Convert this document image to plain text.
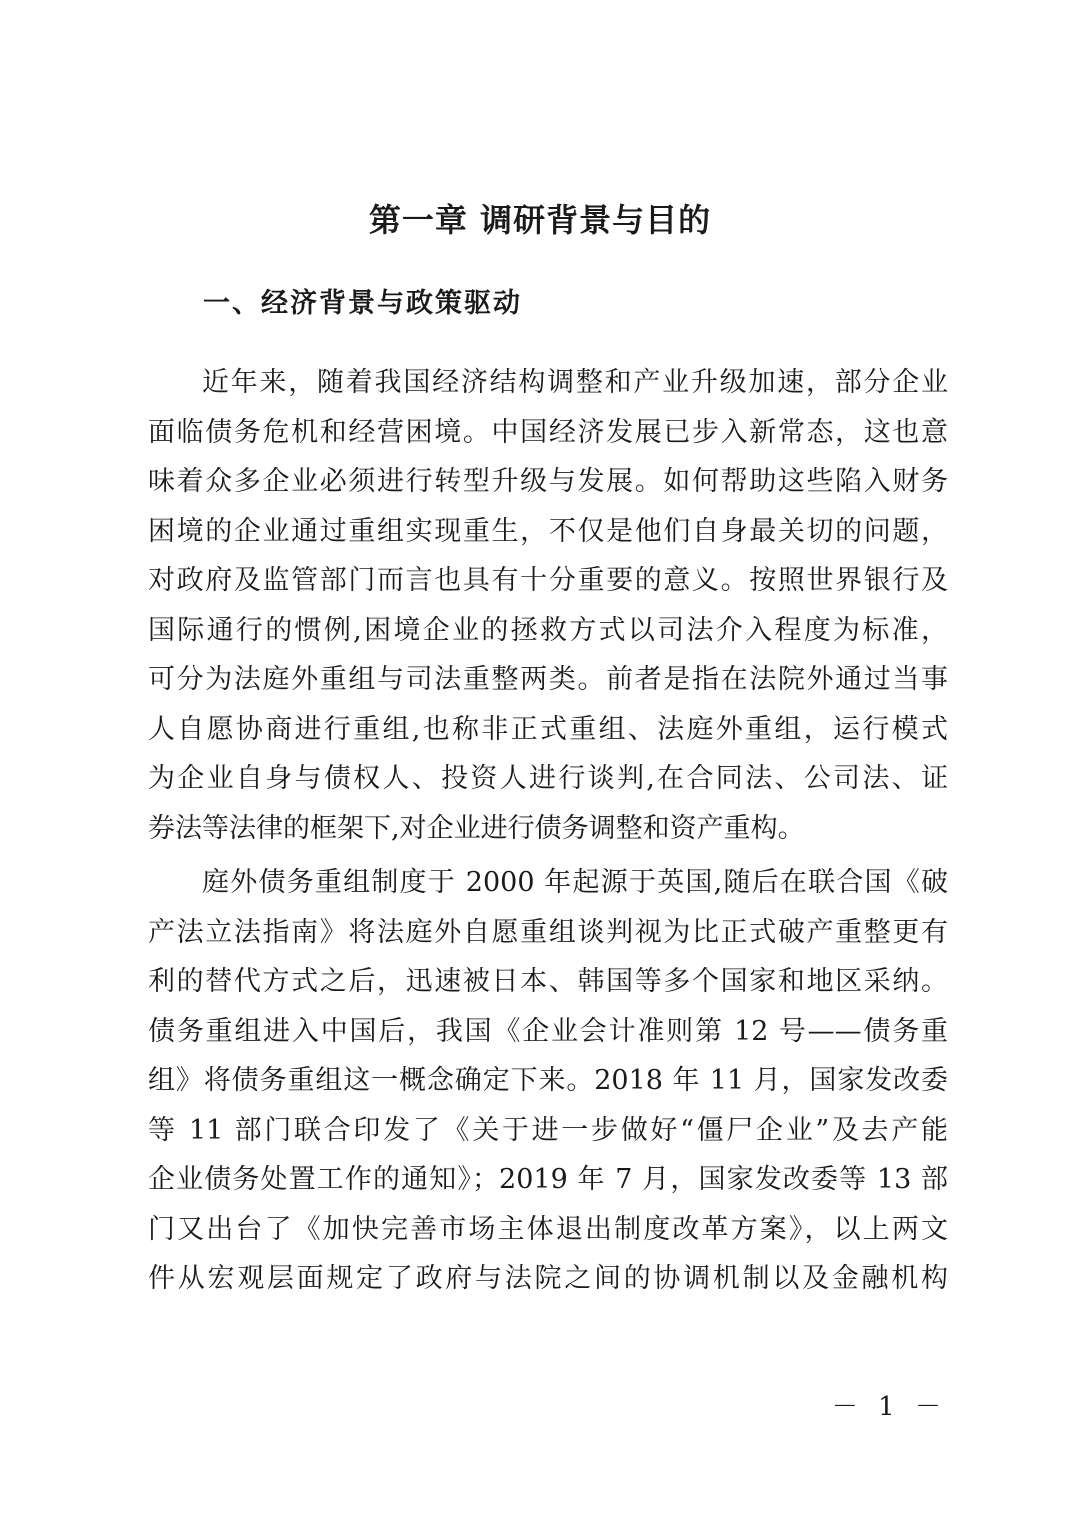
第一章 调研背景与目的
一、经济背景与政策驱动
近年来，随着我国经济结构调整和产业升级加速，部分企业
面临债务危机和经营困境。中国经济发展已步入新常态，这也意
味着众多企业必须进行转型升级与发展。如何帮助这些陷入财务
困境的企业通过重组实现重生，不仅是他们自身最关切的问题，
对政府及监管部门而言也具有十分重要的意义。按照世界银行及
国际通行的惯例,困境企业的拯救方式以司法介入程度为标准，
可分为法庭外重组与司法重整两类。前者是指在法院外通过当事
人自愿协商进行重组,也称非正式重组、法庭外重组，运行模式
为企业自身与债权人、投资人进行谈判,在合同法、公司法、证
券法等法律的框架下,对企业进行债务调整和资产重构。
庭外债务重组制度于 2000 年起源于英国,随后在联合国《破
产法立法指南》将法庭外自愿重组谈判视为比正式破产重整更有
利的替代方式之后，迅速被日本、韩国等多个国家和地区采纳。
债务重组进入中国后，我国《企业会计准则第 12 号——债务重
组》将债务重组这一概念确定下来。2018 年 11 月，国家发改委
等 11 部门联合印发了《关于进一步做好“僵尸企业”及去产能
企业债务处置工作的通知》；2019 年 7 月，国家发改委等 13 部
门又出台了《加快完善市场主体退出制度改革方案》，以上两文
件从宏观层面规定了政府与法院之间的协调机制以及金融机构
－ 1 －
